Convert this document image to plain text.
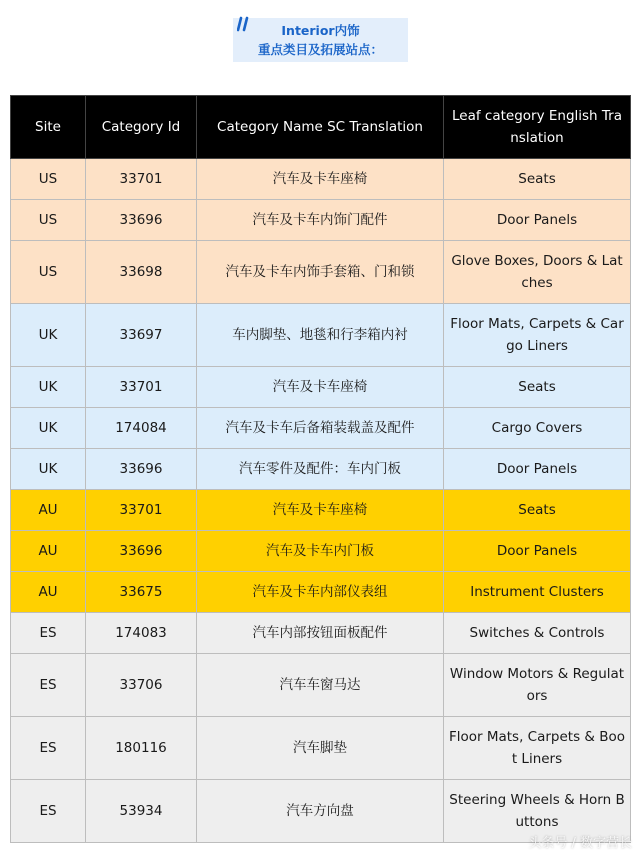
Interior内饰
重点类目及拓展站点：
Site	Category Id	Category Name SC Translation	Leaf category English Translation
US	33701	汽车及卡车座椅	Seats
US	33696	汽车及卡车内饰门配件	Door Panels
US	33698	汽车及卡车内饰手套箱、门和锁	Glove Boxes, Doors & Latches
UK	33697	车内脚垫、地毯和行李箱内衬	Floor Mats, Carpets & Cargo Liners
UK	33701	汽车及卡车座椅	Seats
UK	174084	汽车及卡车后备箱装载盖及配件	Cargo Covers
UK	33696	汽车零件及配件：车内门板	Door Panels
AU	33701	汽车及卡车座椅	Seats
AU	33696	汽车及卡车内门板	Door Panels
AU	33675	汽车及卡车内部仪表组	Instrument Clusters
ES	174083	汽车内部按钮面板配件	Switches & Controls
ES	33706	汽车车窗马达	Window Motors & Regulators
ES	180116	汽车脚垫	Floor Mats, Carpets & Boot Liners
ES	53934	汽车方向盘	Steering Wheels & Horn Buttons
头条号 / 数字营长
